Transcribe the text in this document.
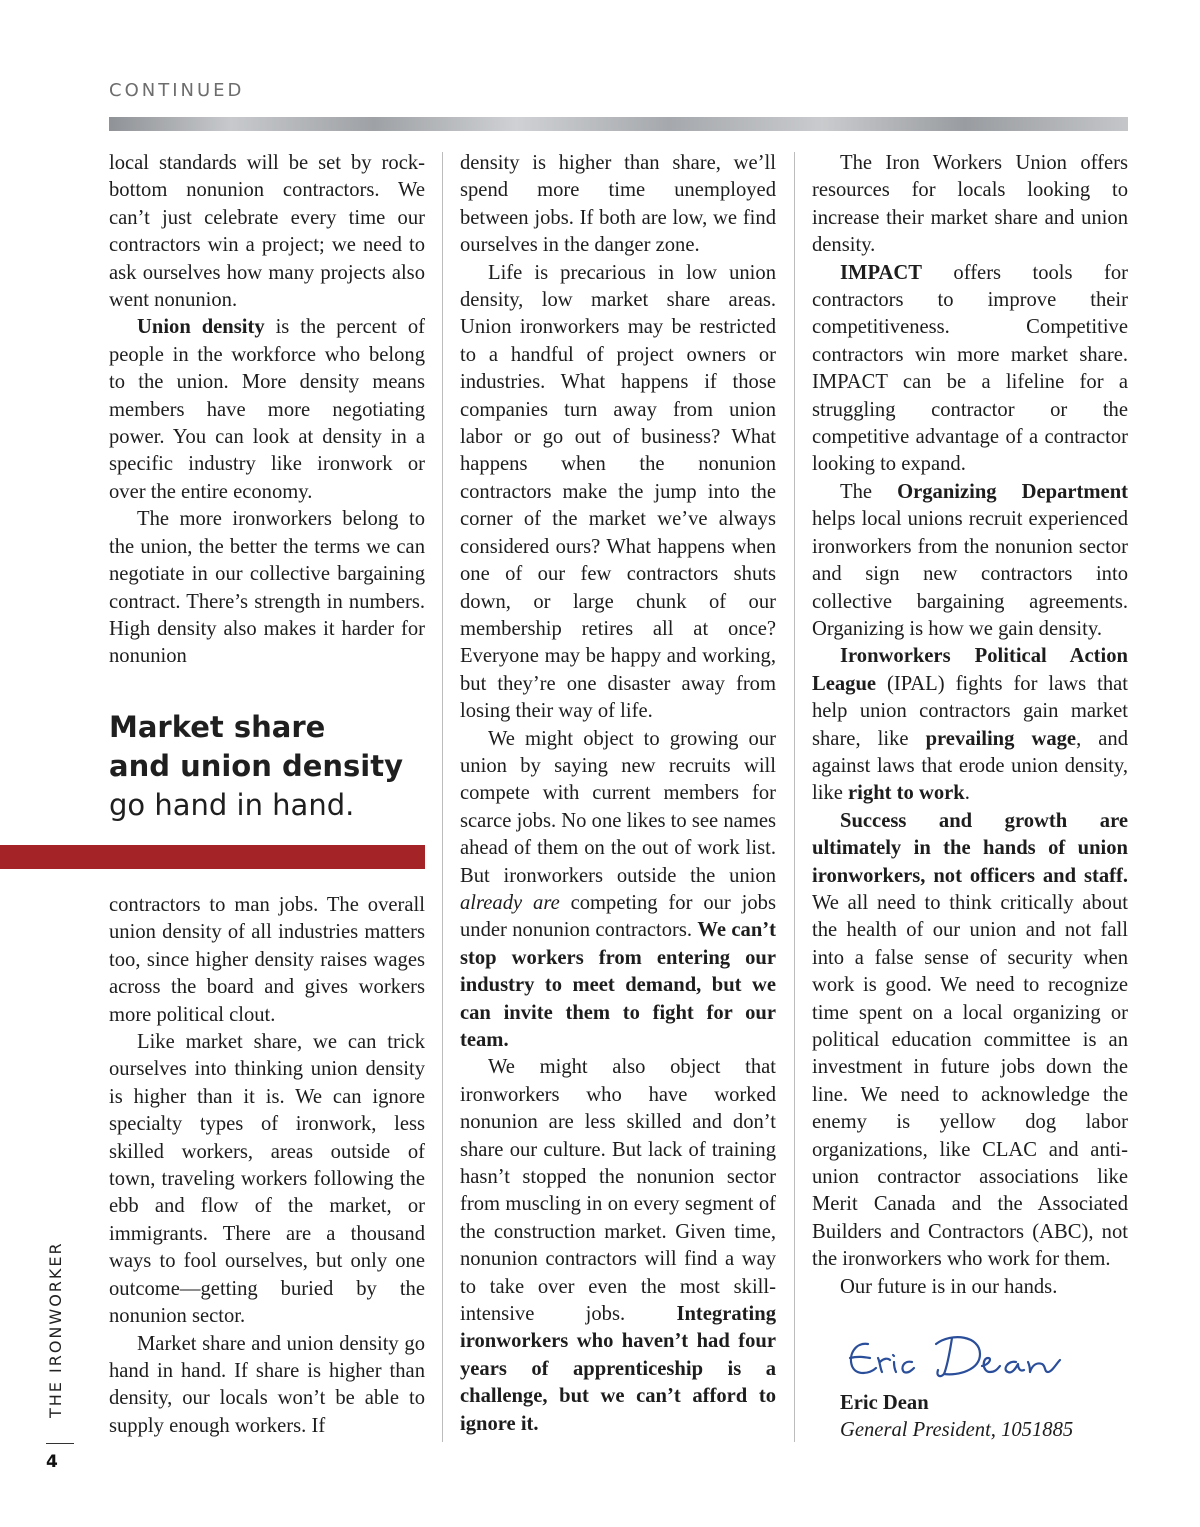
CONTINUED

local standards will be set by rock-bottom nonunion contractors. We can’t just celebrate every time our contractors win a project; we need to ask ourselves how many projects also went nonunion.

Union density is the percent of people in the workforce who belong to the union. More density means members have more negotiating power. You can look at density in a specific industry like ironwork or over the entire economy.

The more ironworkers belong to the union, the better the terms we can negotiate in our collective bargaining contract. There’s strength in numbers. High density also makes it harder for nonunion

Market share
and union density
go hand in hand.

contractors to man jobs. The overall union density of all industries matters too, since higher density raises wages across the board and gives workers more political clout.

Like market share, we can trick ourselves into thinking union density is higher than it is. We can ignore specialty types of ironwork, less skilled workers, areas outside of town, traveling workers following the ebb and flow of the market, or immigrants. There are a thousand ways to fool ourselves, but only one outcome—getting buried by the nonunion sector.

Market share and union density go hand in hand. If share is higher than density, our locals won’t be able to supply enough workers. If

density is higher than share, we’ll spend more time unemployed between jobs. If both are low, we find ourselves in the danger zone.

Life is precarious in low union density, low market share areas. Union ironworkers may be restricted to a handful of project owners or industries. What happens if those companies turn away from union labor or go out of business? What happens when the nonunion contractors make the jump into the corner of the market we’ve always considered ours? What happens when one of our few contractors shuts down, or large chunk of our membership retires all at once? Everyone may be happy and working, but they’re one disaster away from losing their way of life.

We might object to growing our union by saying new recruits will compete with current members for scarce jobs. No one likes to see names ahead of them on the out of work list. But ironworkers outside the union already are competing for our jobs under nonunion contractors. We can’t stop workers from entering our industry to meet demand, but we can invite them to fight for our team.

We might also object that ironworkers who have worked nonunion are less skilled and don’t share our culture. But lack of training hasn’t stopped the nonunion sector from muscling in on every segment of the construction market. Given time, nonunion contractors will find a way to take over even the most skill-intensive jobs. Integrating ironworkers who haven’t had four years of apprenticeship is a challenge, but we can’t afford to ignore it.

The Iron Workers Union offers resources for locals looking to increase their market share and union density.

IMPACT offers tools for contractors to improve their competitiveness. Competitive contractors win more market share. IMPACT can be a lifeline for a struggling contractor or the competitive advantage of a contractor looking to expand.

The Organizing Department helps local unions recruit experienced ironworkers from the nonunion sector and sign new contractors into collective bargaining agreements. Organizing is how we gain density.

Ironworkers Political Action League (IPAL) fights for laws that help union contractors gain market share, like prevailing wage, and against laws that erode union density, like right to work.

Success and growth are ultimately in the hands of union ironworkers, not officers and staff. We all need to think critically about the health of our union and not fall into a false sense of security when work is good. We need to recognize time spent on a local organizing or political education committee is an investment in future jobs down the line. We need to acknowledge the enemy is yellow dog labor organizations, like CLAC and anti-union contractor associations like Merit Canada and the Associated Builders and Contractors (ABC), not the ironworkers who work for them.

Our future is in our hands.

Eric Dean
General President, 1051885
THE IRONWORKER
4
